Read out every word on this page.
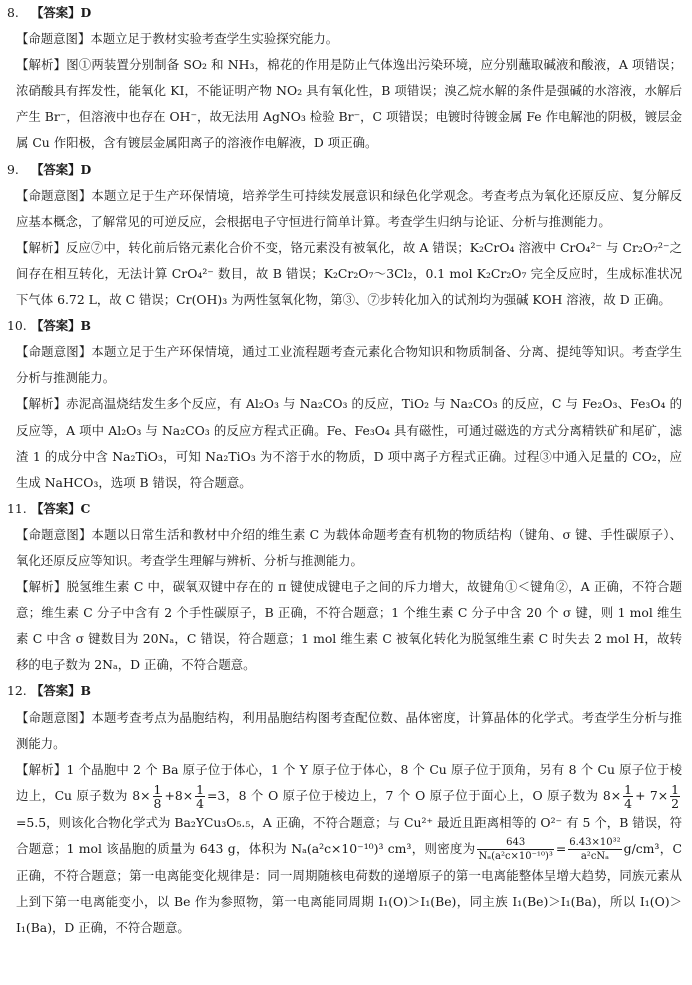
8. 【答案】D

【命题意图】本题立足于教材实验考查学生实验探究能力。

【解析】图①两装置分别制备 SO₂ 和 NH₃，棉花的作用是防止气体逸出污染环境，应分别蘸取碱液和酸液，A 项错误；浓硝酸具有挥发性，能氧化 KI，不能证明产物 NO₂ 具有氧化性，B 项错误；溴乙烷水解的条件是强碱的水溶液，水解后产生 Br⁻，但溶液中也存在 OH⁻，故无法用 AgNO₃ 检验 Br⁻，C 项错误；电镀时待镀金属 Fe 作电解池的阴极，镀层金属 Cu 作阳极，含有镀层金属阳离子的溶液作电解液，D 项正确。

9. 【答案】D

【命题意图】本题立足于生产环保情境，培养学生可持续发展意识和绿色化学观念。考查考点为氧化还原反应、复分解反应基本概念，了解常见的可逆反应，会根据电子守恒进行简单计算。考查学生归纳与论证、分析与推测能力。

【解析】反应⑦中，转化前后铬元素化合价不变，铬元素没有被氧化，故 A 错误；K₂CrO₄ 溶液中 CrO₄²⁻ 与 Cr₂O₇²⁻之间存在相互转化，无法计算 CrO₄²⁻ 数目，故 B 错误；K₂Cr₂O₇～3Cl₂，0.1 mol K₂Cr₂O₇ 完全反应时，生成标准状况下气体 6.72 L，故 C 错误；Cr(OH)₃ 为两性氢氧化物，第③、⑦步转化加入的试剂均为强碱 KOH 溶液，故 D 正确。

10. 【答案】B

【命题意图】本题立足于生产环保情境，通过工业流程题考查元素化合物知识和物质制备、分离、提纯等知识。考查学生分析与推测能力。

【解析】赤泥高温烧结发生多个反应，有 Al₂O₃ 与 Na₂CO₃ 的反应，TiO₂ 与 Na₂CO₃ 的反应，C 与 Fe₂O₃、Fe₃O₄ 的反应等，A 项中 Al₂O₃ 与 Na₂CO₃ 的反应方程式正确。Fe、Fe₃O₄ 具有磁性，可通过磁选的方式分离精铁矿和尾矿，滤渣 1 的成分中含 Na₂TiO₃，可知 Na₂TiO₃ 为不溶于水的物质，D 项中离子方程式正确。过程③中通入足量的 CO₂，应生成 NaHCO₃，选项 B 错误，符合题意。

11. 【答案】C

【命题意图】本题以日常生活和教材中介绍的维生素 C 为载体命题考查有机物的物质结构（键角、σ 键、手性碳原子）、氧化还原反应等知识。考查学生理解与辨析、分析与推测能力。

【解析】脱氢维生素 C 中，碳氧双键中存在的 π 键使成键电子之间的斥力增大，故键角①＜键角②，A 正确，不符合题意；维生素 C 分子中含有 2 个手性碳原子，B 正确，不符合题意；1 个维生素 C 分子中含 20 个 σ 键，则 1 mol 维生素 C 中含 σ 键数目为 20Nₐ，C 错误，符合题意；1 mol 维生素 C 被氧化转化为脱氢维生素 C 时失去 2 mol H，故转移的电子数为 2Nₐ，D 正确，不符合题意。

12. 【答案】B

【命题意图】本题考查考点为晶胞结构，利用晶胞结构图考查配位数、晶体密度，计算晶体的化学式。考查学生分析与推测能力。

【解析】1 个晶胞中 2 个 Ba 原子位于体心，1 个 Y 原子位于体心，8 个 Cu 原子位于顶角，另有 8 个 Cu 原子位于棱边上，Cu 原子数为 $8\times \frac{1}{8} +8\times \frac{1}{4} =3$，8 个 O 原子位于棱边上，7 个 O 原子位于面心上，O 原子数为 $8\times \frac{1}{4} + 7\times \frac{1}{2}$
=5.5，则该化合物化学式为 Ba₂YCu₃O₅.₅，A 正确，不符合题意；与 Cu²⁺ 最近且距离相等的 O²⁻ 有 5 个，B 错误，符合题意；1 mol 该晶胞的质量为 643 g，体积为 Nₐ(a²c×10⁻¹⁰)³ cm³，则密度为 $\frac{643}{\text{Nₐ(a²c×10⁻¹⁰)³}} = \frac{\text{6.43×10³²}}{\text{a²cNₐ}} g/cm^3$，C 正确，不符合题意；第一电离能变化规律是：同一周期随核电荷数的递增原子的第一电离能整体呈增大趋势，同族元素从上到下第一电离能变小，以 Be 作为参照物，第一电离能同周期 I₁(O)＞I₁(Be)，同主族 I₁(Be)＞I₁(Ba)，所以 I₁(O)＞I₁(Ba)，D 正确，不符合题意。
